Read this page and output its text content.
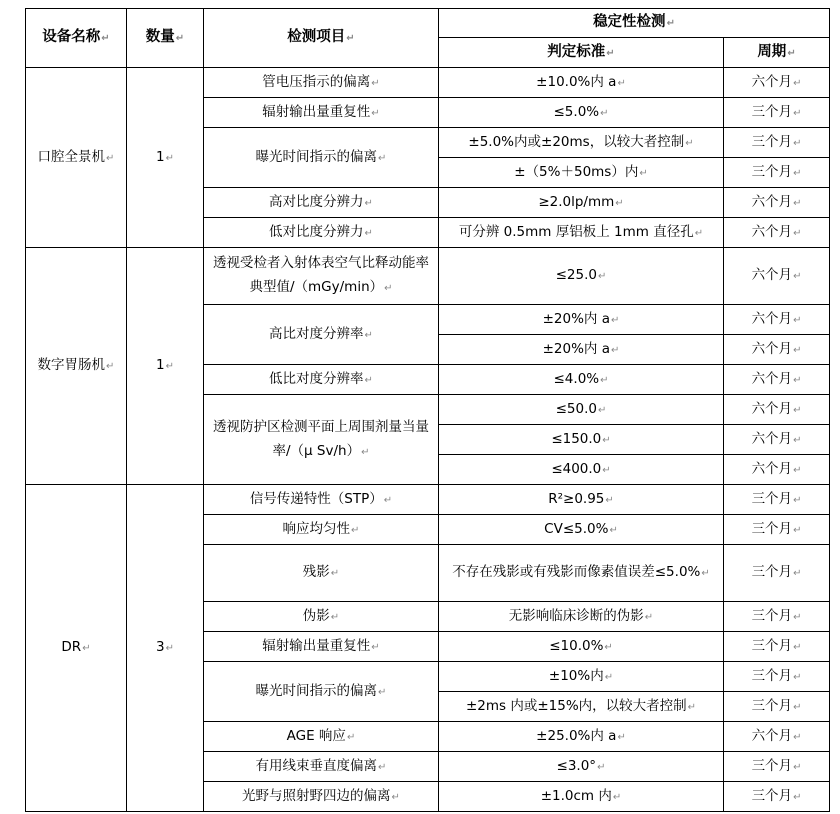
设备名称↵	数量↵	检测项目↵	稳定性检测↵	
			判定标准↵	周期↵
口腔全景机↵	1↵	管电压指示的偏离↵	±10.0%内 a↵	六个月↵
		辐射输出量重复性↵	≤5.0%↵	三个月↵
		曝光时间指示的偏离↵	±5.0%内或±20ms，以较大者控制↵	三个月↵
			±（5%＋50ms）内↵	三个月↵
		高对比度分辨力↵	≥2.0lp/mm↵	六个月↵
		低对比度分辨力↵	可分辨 0.5mm 厚铝板上 1mm 直径孔↵	六个月↵
数字胃肠机↵	1↵	透视受检者入射体表空气比释动能率典型值/（mGy/min）↵	≤25.0↵	六个月↵
		高比对度分辨率↵	±20%内 a↵	六个月↵
			±20%内 a↵	六个月↵
		低比对度分辨率↵	≤4.0%↵	六个月↵
		透视防护区检测平面上周围剂量当量率/（μ Sv/h）↵	≤50.0↵	六个月↵
			≤150.0↵	六个月↵
			≤400.0↵	六个月↵
DR↵	3↵	信号传递特性（STP）↵	R²≥0.95↵	三个月↵
		响应均匀性↵	CV≤5.0%↵	三个月↵
		残影↵	不存在残影或有残影而像素值误差≤5.0%↵	三个月↵
		伪影↵	无影响临床诊断的伪影↵	三个月↵
		辐射输出量重复性↵	≤10.0%↵	三个月↵
		曝光时间指示的偏离↵	±10%内↵	三个月↵
			±2ms 内或±15%内，以较大者控制↵	三个月↵
		AGE 响应↵	±25.0%内 a↵	六个月↵
		有用线束垂直度偏离↵	≤3.0°↵	三个月↵
		光野与照射野四边的偏离↵	±1.0cm 内↵	三个月↵
